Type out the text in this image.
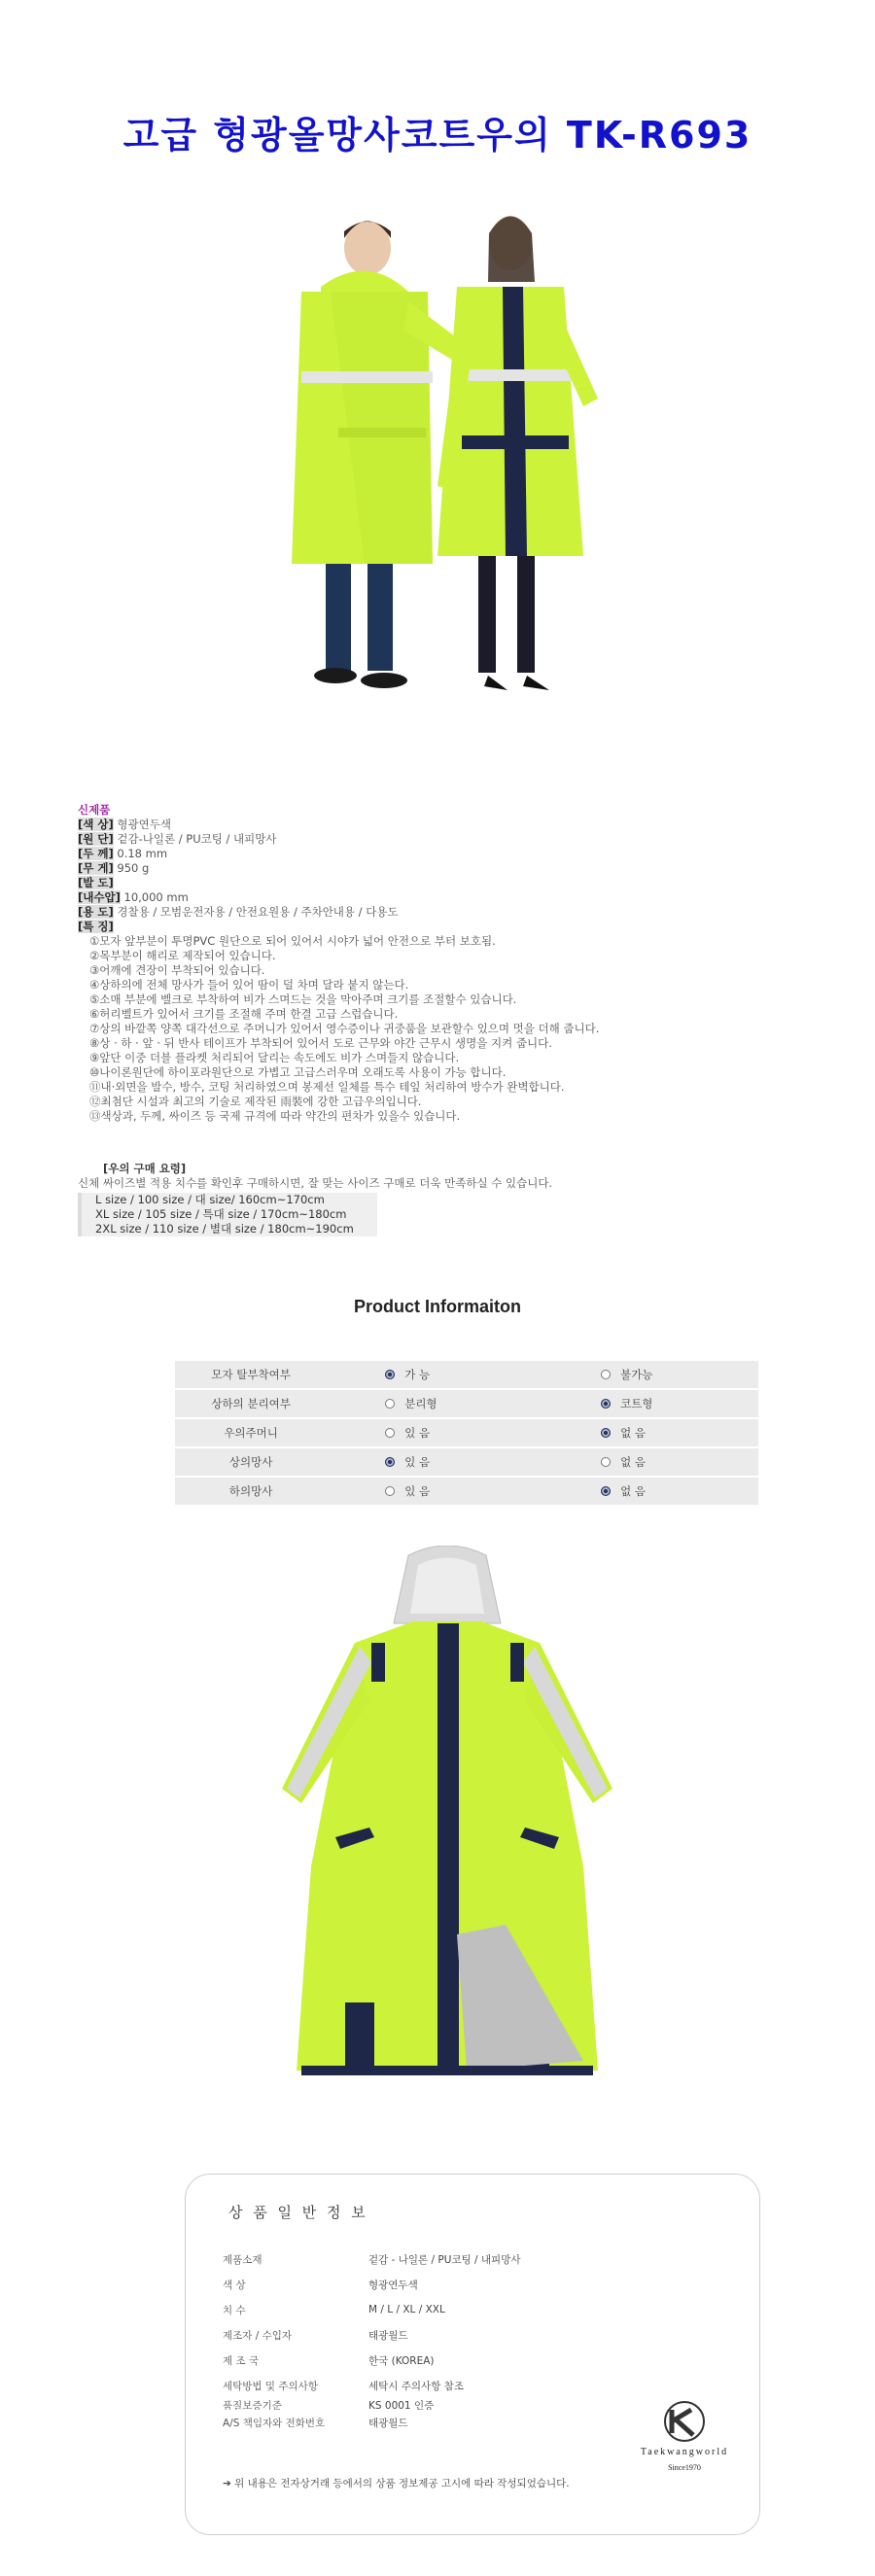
고급 형광올망사코트우의 TK-R693
신제품
[색 상] 형광연두색
[원 단] 겉감-나일론 / PU코팅 / 내피망사
[두 께] 0.18 mm
[무 게] 950 g
[발 도]
[내수압] 10,000 mm
[용 도] 경찰용 / 모범운전자용 / 안전요원용 / 주차안내용 / 다용도
[특 징]
①모자 앞부분이 투명PVC 원단으로 되어 있어서 시야가 넓어 안전으로 부터 보호됨.
②목부분이 해리로 제작되어 있습니다.
③어깨에 견장이 부착되어 있습니다.
④상하의에 전체 망사가 들어 있어 땀이 덜 차며 달라 붙지 않는다.
⑤소매 부분에 벨크로 부착하여 비가 스며드는 것을 막아주며 크기를 조절할수 있습니다.
⑥허리벨트가 있어서 크기를 조절해 주며 한결 고급 스럽습니다.
⑦상의 바깥쪽 양쪽 대각선으로 주머니가 있어서 영수증이나 귀중품을 보관할수 있으며 멋을 더해 줍니다.
⑧상 · 하 · 앞 · 뒤 반사 테이프가 부착되어 있어서 도로 근무와 야간 근무시 생명을 지켜 줍니다.
⑨앞단 이중 더블 플라켓 처리되어 달리는 속도에도 비가 스며들지 않습니다.
⑩나이론원단에 하이포라원단으로 가볍고 고급스러우며 오래도록 사용이 가능 합니다.
⑪내·외면을 발수, 방수, 코팅 처리하였으며 봉제선 일체를 특수 테잎 처리하여 방수가 완벽합니다.
⑫최첨단 시설과 최고의 기술로 제작된 雨裝에 강한 고급우의입니다.
⑬색상과, 두께, 싸이즈 등 국제 규격에 따라 약간의 편차가 있을수 있습니다.
[우의 구매 요령]
신체 싸이즈별 적용 치수를 확인후 구매하시면, 잘 맞는 사이즈 구매로 더욱 만족하실 수 있습니다.
L size / 100 size / 대 size/ 160cm~170cm
XL size / 105 size / 특대 size / 170cm~180cm
2XL size / 110 size / 별대 size / 180cm~190cm
Product Informaiton
모자 탈부착여부	가 능	불가능
상하의 분리여부	분리형	코트형
우의주머니	있 음	없 음
상의망사	있 음	없 음
하의망사	있 음	없 음
상 품 일 반 정 보
제품소재	겉감 - 나일론 / PU코팅 / 내피망사
색 상	형광연두색
치 수	M / L / XL / XXL
제조자 / 수입자	태광월드
제 조 국	한국 (KOREA)
세탁방법 및 주의사항	세탁시 주의사항 참조
품질보증기준	KS 0001 인증
A/S 책임자와 전화번호	태광월드
Taekwangworld
Since1970
➔ 위 내용은 전자상거래 등에서의 상품 정보제공 고시에 따라 작성되었습니다.
